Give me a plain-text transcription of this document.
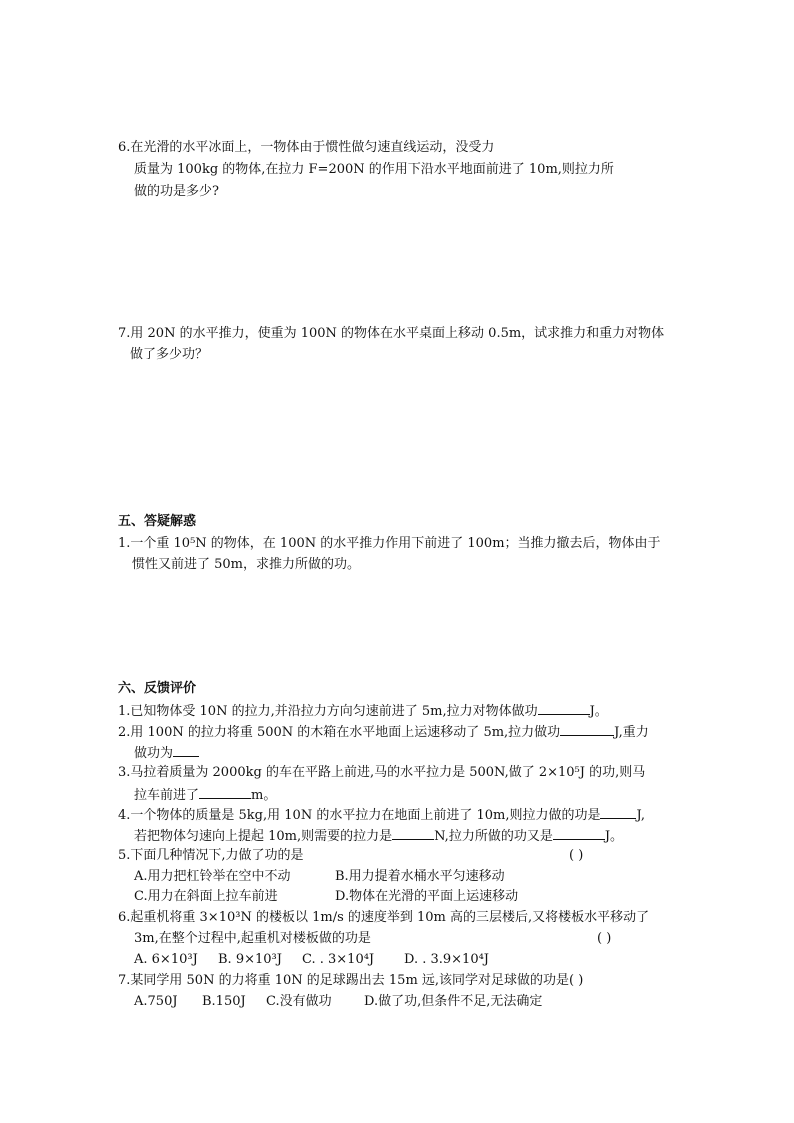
6.在光滑的水平冰面上，一物体由于惯性做匀速直线运动，没受力
质量为 100kg 的物体,在拉力 F=200N 的作用下沿水平地面前进了 10m,则拉力所
做的功是多少?
7.用 20N 的水平推力，使重为 100N 的物体在水平桌面上移动 0.5m，试求推力和重力对物体
做了多少功？
五、答疑解惑
1.一个重 10⁵N 的物体，在 100N 的水平推力作用下前进了 100m；当推力撤去后，物体由于
惯性又前进了 50m，求推力所做的功。
六、反馈评价
1.已知物体受 10N 的拉力,并沿拉力方向匀速前进了 5m,拉力对物体做功	J。
2.用 100N 的拉力将重 500N 的木箱在水平地面上运速移动了 5m,拉力做功	J,重力
做功为
3.马拉着质量为 2000kg 的车在平路上前进,马的水平拉力是 500N,做了 2×10⁵J 的功,则马
拉车前进了	m。
4.一个物体的质量是 5kg,用 10N 的水平拉力在地面上前进了 10m,则拉力做的功是	J,
若把物体匀速向上提起 10m,则需要的拉力是	N,拉力所做的功又是	J。
5.下面几种情况下,力做了功的是	( )
A.用力把杠铃举在空中不动	B.用力提着水桶水平匀速移动
C.用力在斜面上拉车前进	D.物体在光滑的平面上运速移动
6.起重机将重 3×10³N 的楼板以 1m/s 的速度举到 10m 高的三层楼后,又将楼板水平移动了
3m,在整个过程中,起重机对楼板做的功是	( )
A. 6×10³J B. 9×10³J C. . 3×10⁴J D. . 3.9×10⁴J
7.某同学用 50N 的力将重 10N 的足球踢出去 15m 远,该同学对足球做的功是( )
A.750J B.150J C.没有做功 D.做了功,但条件不足,无法确定
